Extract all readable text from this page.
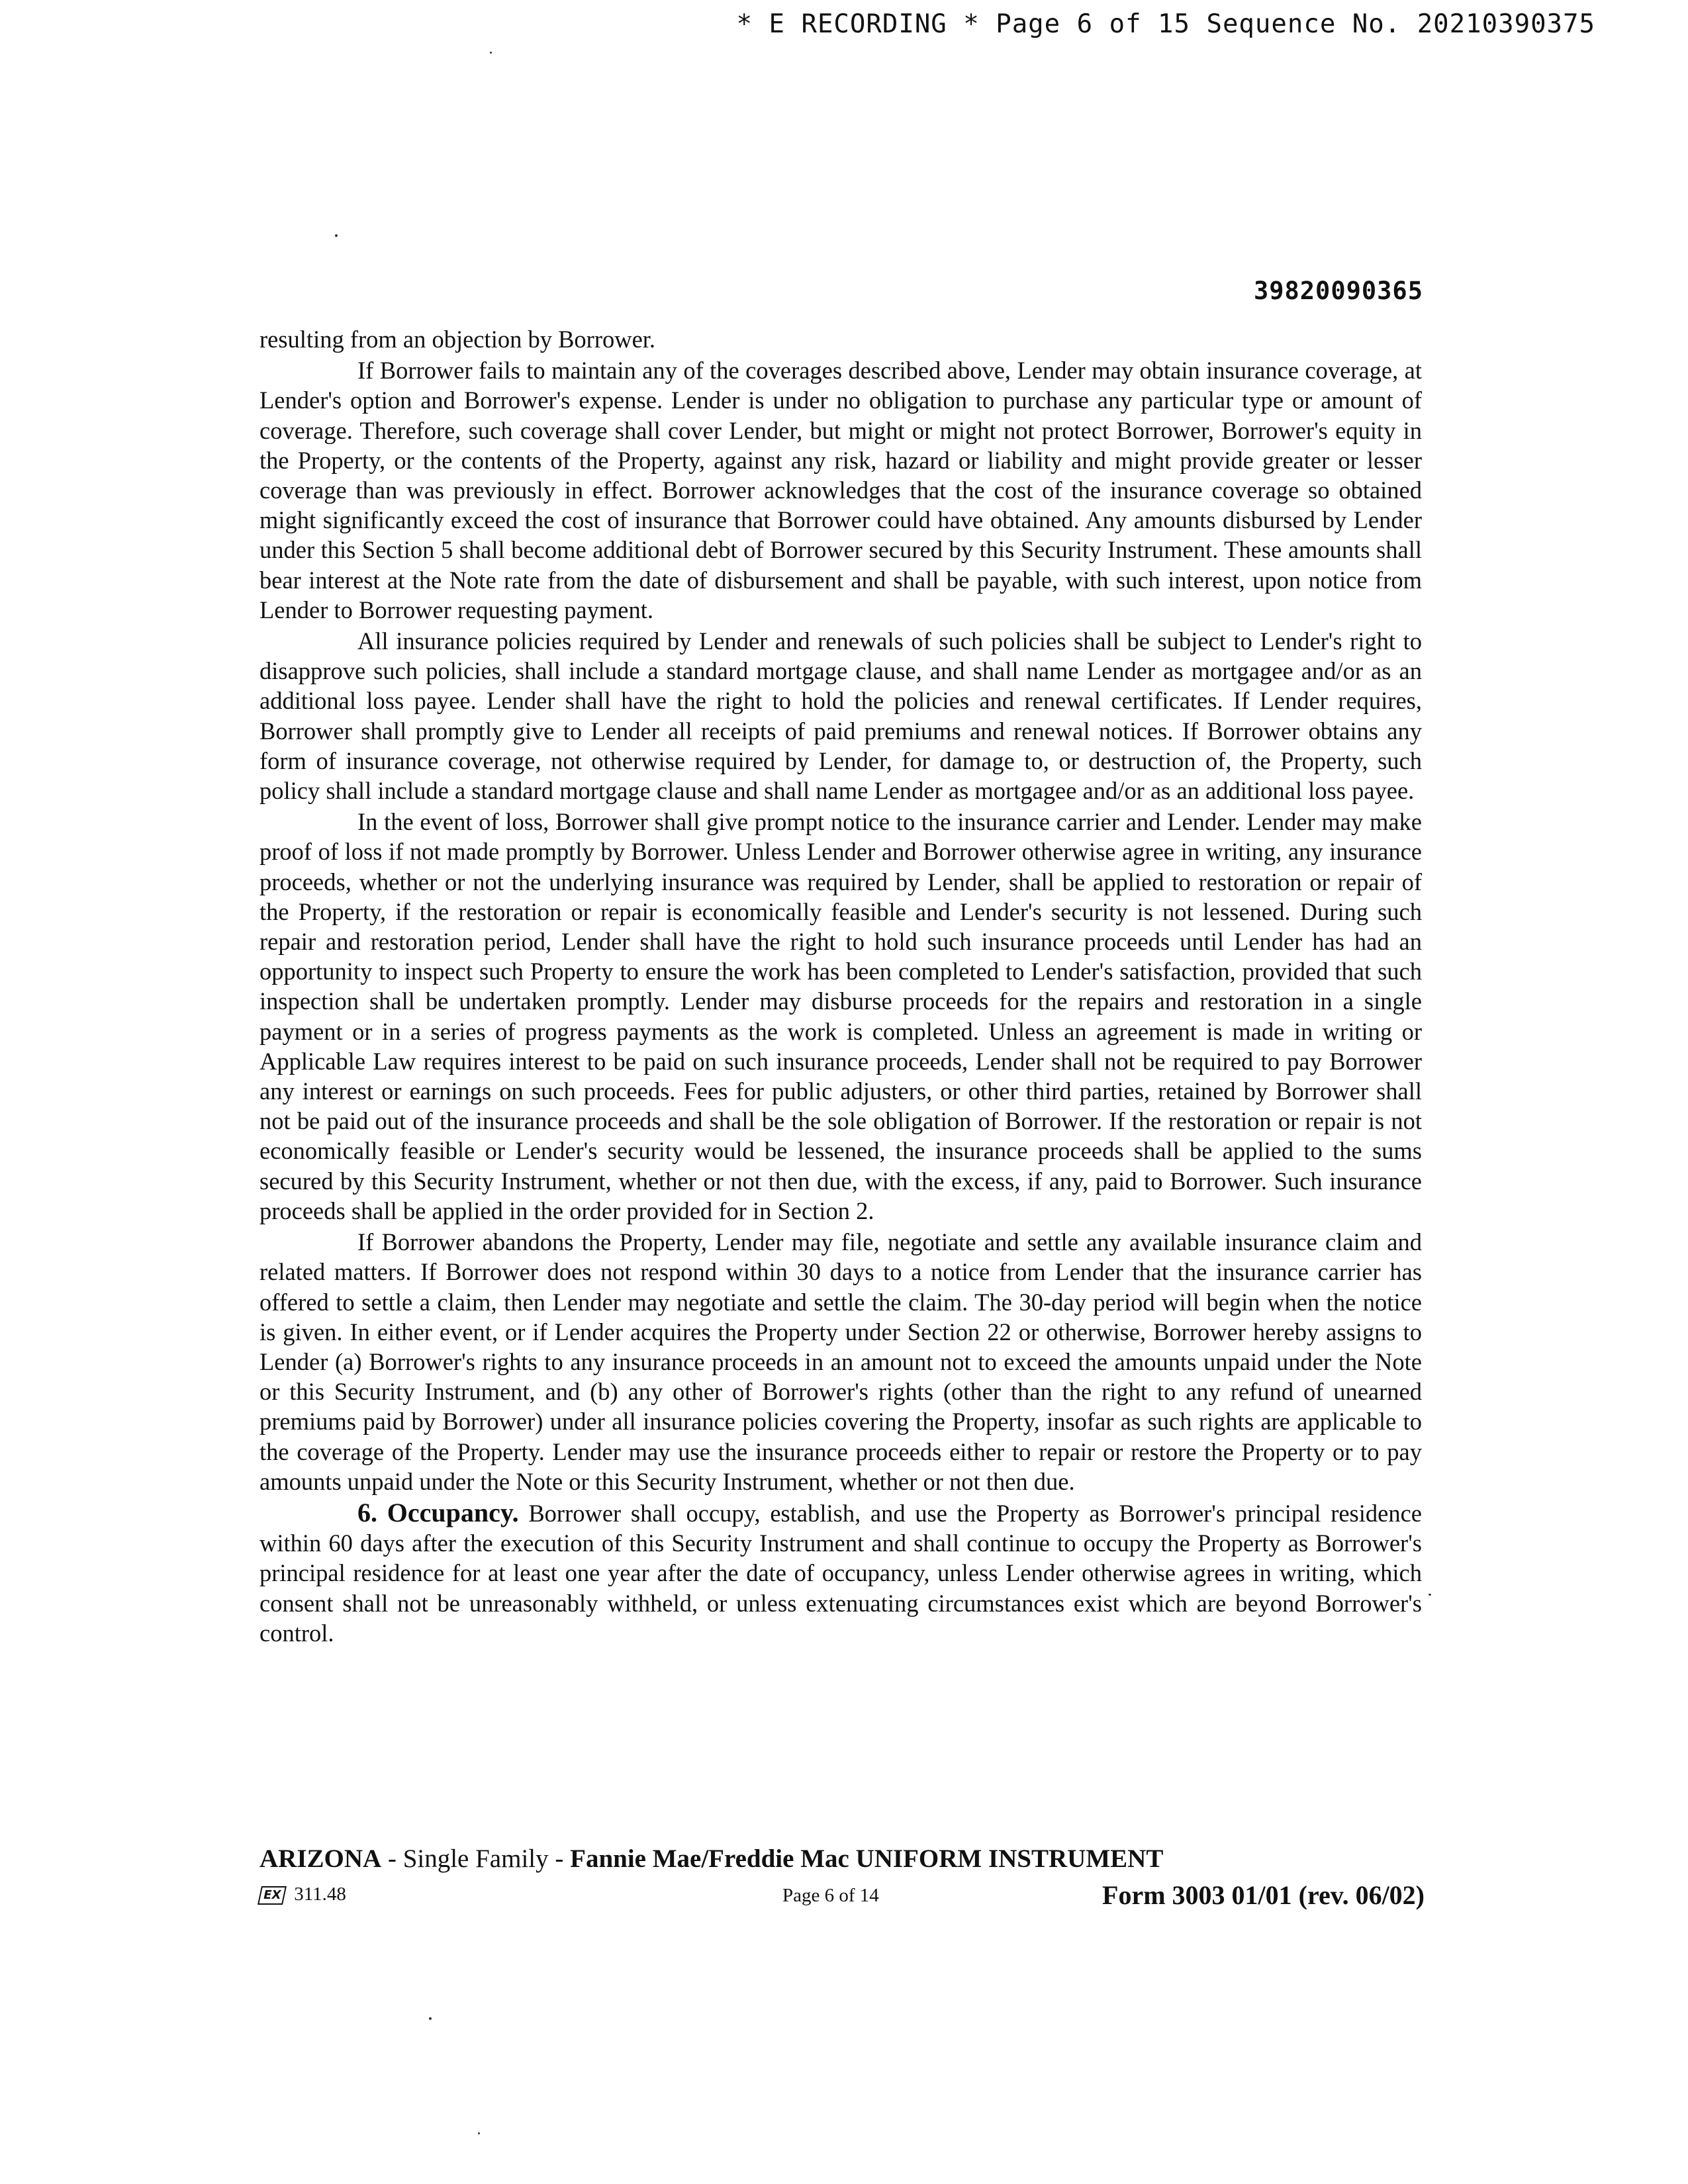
* E RECORDING * Page 6 of 15 Sequence No. 20210390375
39820090365

resulting from an objection by Borrower.

If Borrower fails to maintain any of the coverages described above, Lender may obtain insurance coverage, at Lender's option and Borrower's expense. Lender is under no obligation to purchase any particular type or amount of coverage. Therefore, such coverage shall cover Lender, but might or might not protect Borrower, Borrower's equity in the Property, or the contents of the Property, against any risk, hazard or liability and might provide greater or lesser coverage than was previously in effect. Borrower acknowledges that the cost of the insurance coverage so obtained might significantly exceed the cost of insurance that Borrower could have obtained. Any amounts disbursed by Lender under this Section 5 shall become additional debt of Borrower secured by this Security Instrument. These amounts shall bear interest at the Note rate from the date of disbursement and shall be payable, with such interest, upon notice from Lender to Borrower requesting payment.

All insurance policies required by Lender and renewals of such policies shall be subject to Lender's right to disapprove such policies, shall include a standard mortgage clause, and shall name Lender as mortgagee and/or as an additional loss payee. Lender shall have the right to hold the policies and renewal certificates. If Lender requires, Borrower shall promptly give to Lender all receipts of paid premiums and renewal notices. If Borrower obtains any form of insurance coverage, not otherwise required by Lender, for damage to, or destruction of, the Property, such policy shall include a standard mortgage clause and shall name Lender as mortgagee and/or as an additional loss payee.

In the event of loss, Borrower shall give prompt notice to the insurance carrier and Lender. Lender may make proof of loss if not made promptly by Borrower. Unless Lender and Borrower otherwise agree in writing, any insurance proceeds, whether or not the underlying insurance was required by Lender, shall be applied to restoration or repair of the Property, if the restoration or repair is economically feasible and Lender's security is not lessened. During such repair and restoration period, Lender shall have the right to hold such insurance proceeds until Lender has had an opportunity to inspect such Property to ensure the work has been completed to Lender's satisfaction, provided that such inspection shall be undertaken promptly. Lender may disburse proceeds for the repairs and restoration in a single payment or in a series of progress payments as the work is completed. Unless an agreement is made in writing or Applicable Law requires interest to be paid on such insurance proceeds, Lender shall not be required to pay Borrower any interest or earnings on such proceeds. Fees for public adjusters, or other third parties, retained by Borrower shall not be paid out of the insurance proceeds and shall be the sole obligation of Borrower. If the restoration or repair is not economically feasible or Lender's security would be lessened, the insurance proceeds shall be applied to the sums secured by this Security Instrument, whether or not then due, with the excess, if any, paid to Borrower. Such insurance proceeds shall be applied in the order provided for in Section 2.

If Borrower abandons the Property, Lender may file, negotiate and settle any available insurance claim and related matters. If Borrower does not respond within 30 days to a notice from Lender that the insurance carrier has offered to settle a claim, then Lender may negotiate and settle the claim. The 30-day period will begin when the notice is given. In either event, or if Lender acquires the Property under Section 22 or otherwise, Borrower hereby assigns to Lender (a) Borrower's rights to any insurance proceeds in an amount not to exceed the amounts unpaid under the Note or this Security Instrument, and (b) any other of Borrower's rights (other than the right to any refund of unearned premiums paid by Borrower) under all insurance policies covering the Property, insofar as such rights are applicable to the coverage of the Property. Lender may use the insurance proceeds either to repair or restore the Property or to pay amounts unpaid under the Note or this Security Instrument, whether or not then due.

6. Occupancy. Borrower shall occupy, establish, and use the Property as Borrower's principal residence within 60 days after the execution of this Security Instrument and shall continue to occupy the Property as Borrower's principal residence for at least one year after the date of occupancy, unless Lender otherwise agrees in writing, which consent shall not be unreasonably withheld, or unless extenuating circumstances exist which are beyond Borrower's control.

ARIZONA - Single Family - Fannie Mae/Freddie Mac UNIFORM INSTRUMENT
EX 311.48	Page 6 of 14	Form 3003 01/01 (rev. 06/02)
